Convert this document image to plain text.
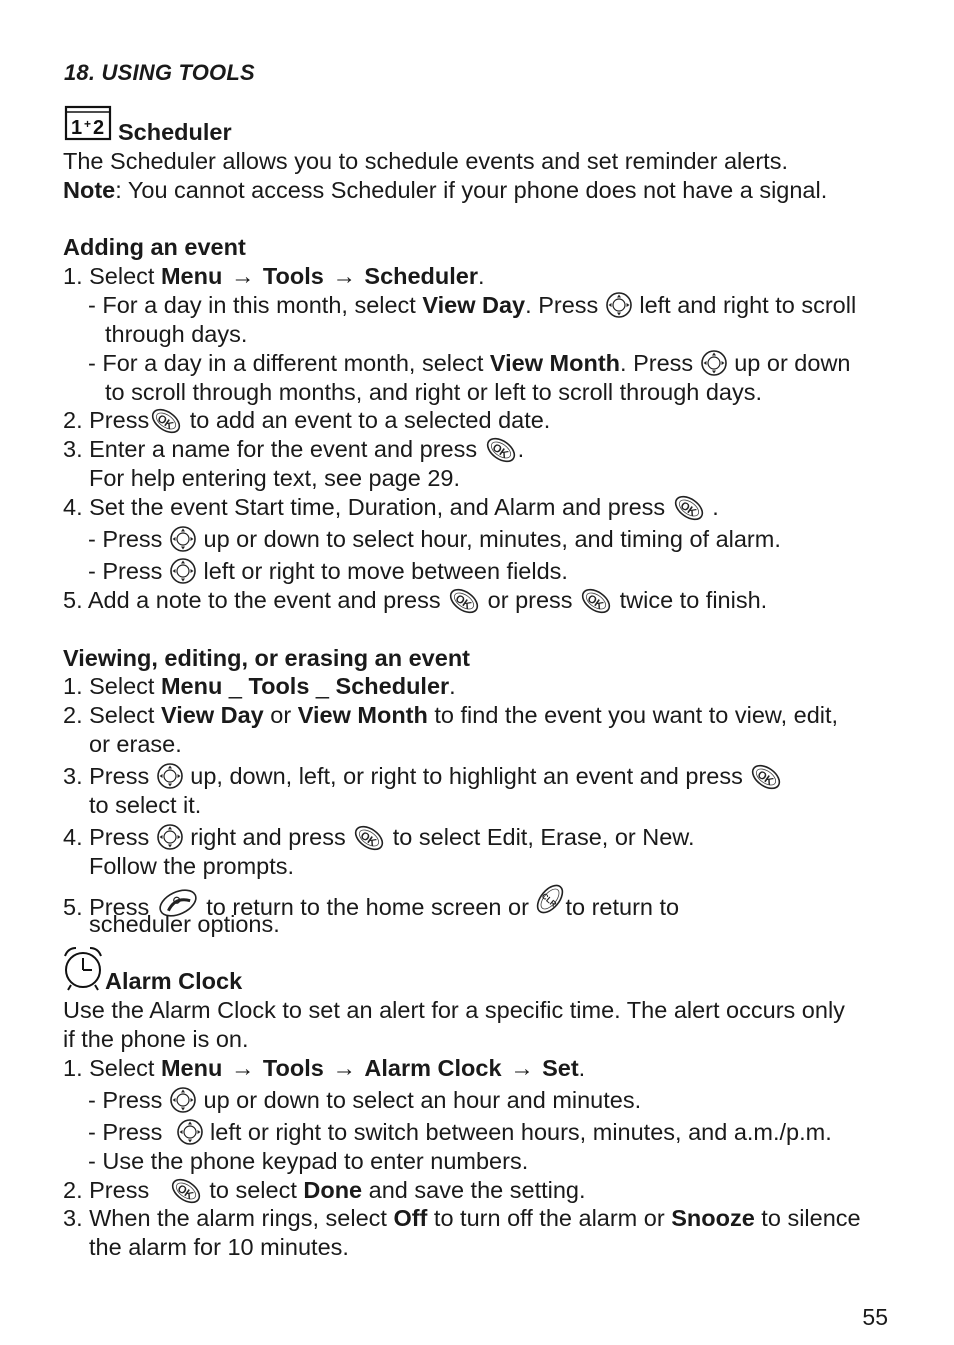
18. USING TOOLS
1 + 2 Scheduler
The Scheduler allows you to schedule events and set reminder alerts.
Note: You cannot access Scheduler if your phone does not have a signal.
Adding an event
1. Select Menu → Tools → Scheduler.
- For a day in this month, select View Day. Press left and right to scroll
through days.
- For a day in a different month, select View Month. Press up or down
to scroll through months, and right or left to scroll through days.
2. Press to add an event to a selected date.
3. Enter a name for the event and press .
For help entering text, see page 29.
4. Set the event Start time, Duration, and Alarm and press .
- Press up or down to select hour, minutes, and timing of alarm.
- Press left or right to move between fields.
5. Add a note to the event and press or press twice to finish.
Viewing, editing, or erasing an event
1. Select Menu _ Tools _ Scheduler.
2. Select View Day or View Month to find the event you want to view, edit,
or erase.
3. Press up, down, left, or right to highlight an event and press
to select it.
4. Press right and press to select Edit, Erase, or New.
Follow the prompts.
5. Press to return to the home screen or to return to
scheduler options.
Alarm Clock
Use the Alarm Clock to set an alert for a specific time. The alert occurs only
if the phone is on.
1. Select Menu → Tools → Alarm Clock → Set.
- Press up or down to select an hour and minutes.
- Press left or right to switch between hours, minutes, and a.m./p.m.
- Use the phone keypad to enter numbers.
2. Press	to select Done and save the setting.
3. When the alarm rings, select Off to turn off the alarm or Snooze to silence
the alarm for 10 minutes.
55
